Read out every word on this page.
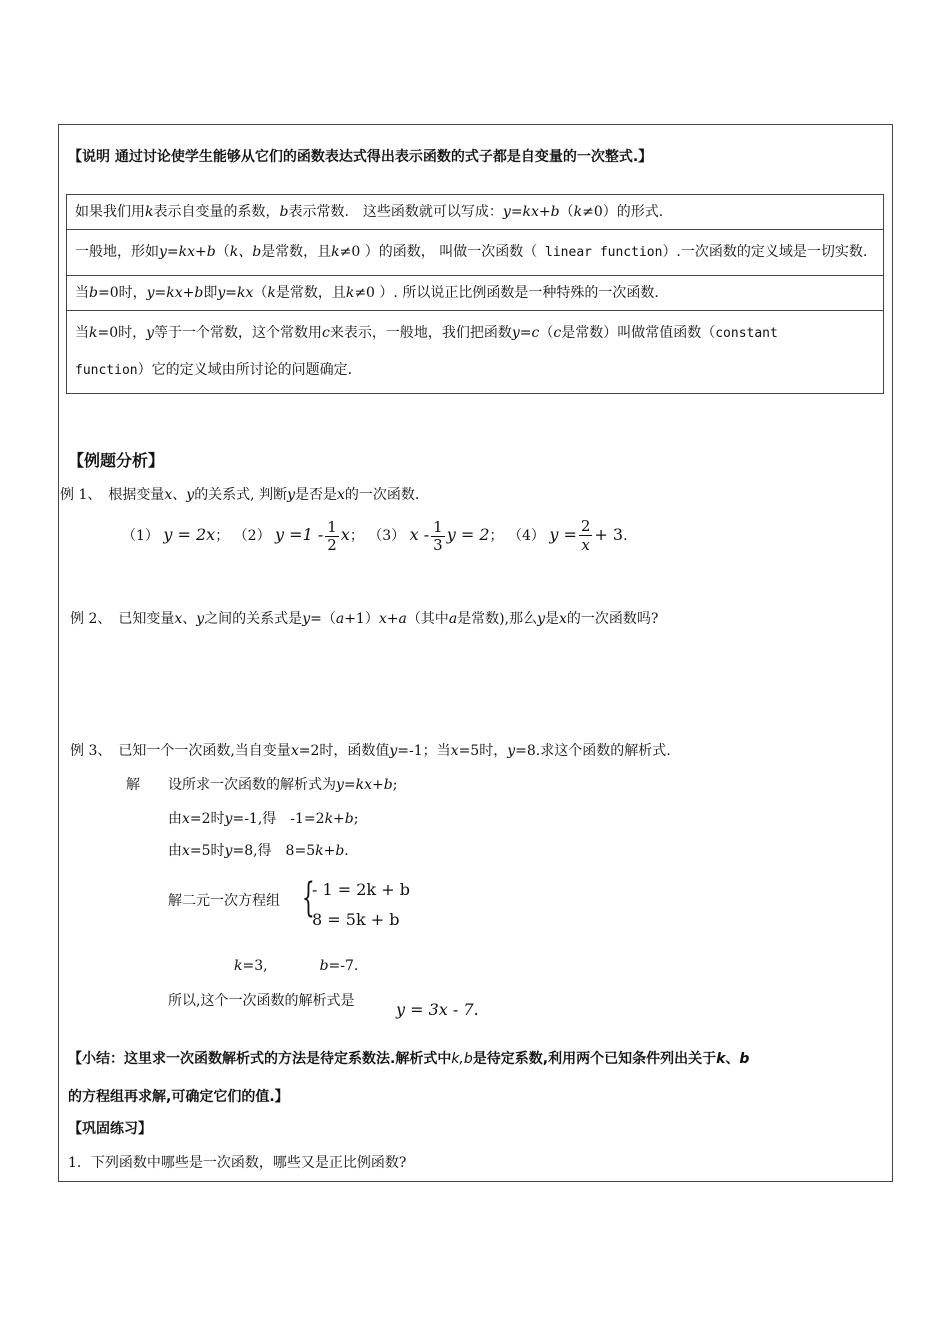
【说明 通过讨论使学生能够从它们的函数表达式得出表示函数的式子都是自变量的一次整式.】
如果我们用k表示自变量的系数，b表示常数.　这些函数就可以写成：y=kx+b（k≠0）的形式.
一般地，形如y=kx+b（k、b是常数，且k≠0 ）的函数， 叫做一次函数（ linear function）.一次函数的定义域是一切实数.
当b=0时，y=kx+b即y=kx（k是常数，且k≠0 ）. 所以说正比例函数是一种特殊的一次函数.
当k=0时，y等于一个常数，这个常数用c来表示，一般地，我们把函数y=c（c是常数）叫做常值函数（constant
function）它的定义域由所讨论的问题确定.
【例题分析】
例 1、　根据变量x、y的关系式, 判断y是否是x的一次函数.
（1） y = 2x； （2） $y =1 - \frac{1}{2}$ x； （3） x - $\frac{1}{3}$ y = 2； （4） $y = \frac{2}{x} + 3$.
例 2、　已知变量x、y之间的关系式是y=（a+1）x+a（其中a是常数),那么y是x的一次函数吗?
例 3、　已知一个一次函数,当自变量x=2时，函数值y=-1；当x=5时，y=8.求这个函数的解析式.
解　　设所求一次函数的解析式为y=kx+b;
由x=2时y=-1,得　-1=2k+b;
由x=5时y=8,得　8=5k+b.
解二元一次方程组 {
- 1 = 2k + b
8 = 5k + b
k=3,	b=-7.
所以,这个一次函数的解析式是	y = 3x - 7.
【小结：这里求一次函数解析式的方法是待定系数法.解析式中k,b是待定系数,利用两个已知条件列出关于k、b
的方程组再求解,可确定它们的值.】
【巩固练习】
1．下列函数中哪些是一次函数，哪些又是正比例函数?
